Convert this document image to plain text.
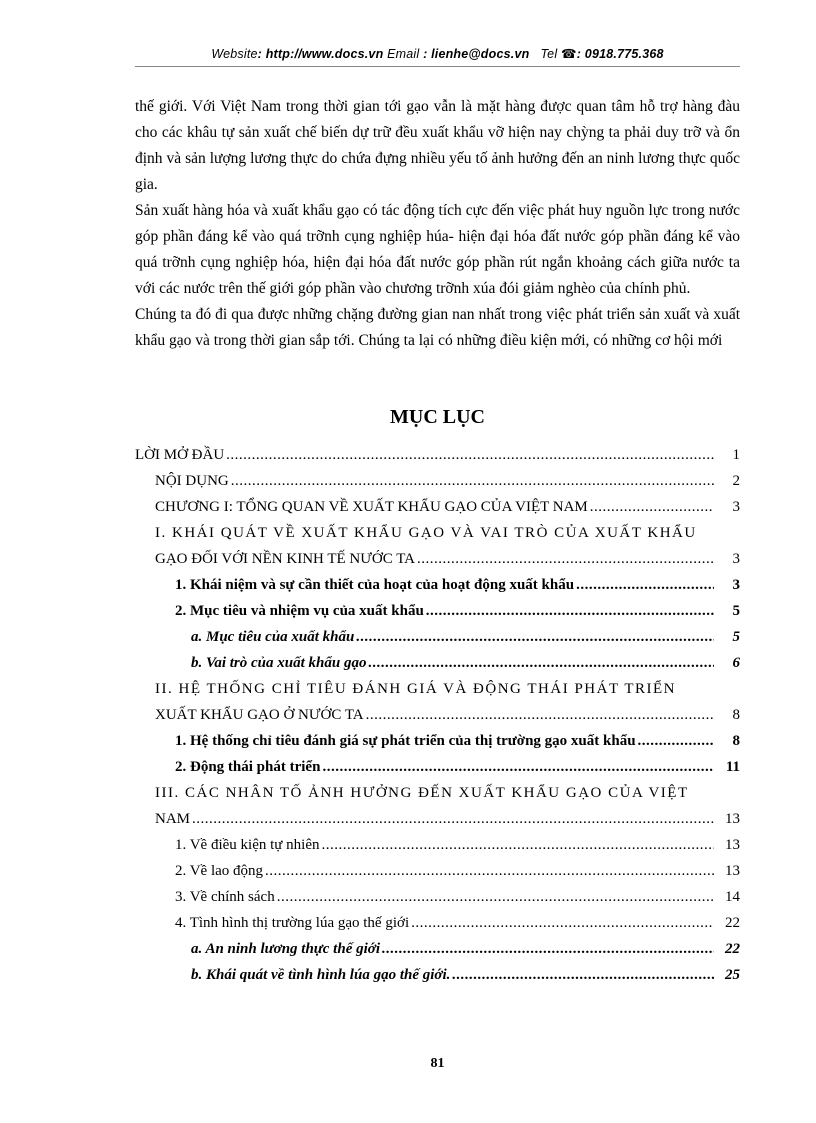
Website: http://www.docs.vn Email : lienhe@docs.vn Tel ☎: 0918.775.368

thế giới. Với Việt Nam trong thời gian tới gạo vẫn là mặt hàng được quan tâm hỗ trợ hàng đàu cho các khâu tự sản xuất chế biến dự trữ đều xuất khẩu vỡ hiện nay chỳng ta phải duy trỡ và ổn định và sản lượng lương thực do chứa đựng nhiều yếu tố ảnh hưởng đến an ninh lương thực quốc gia.

Sản xuất hàng hóa và xuất khẩu gạo có tác động tích cực đến việc phát huy nguồn lực trong nước góp phần đáng kể vào quá trỡnh cụng nghiệp húa- hiện đại hóa đất nước góp phần đáng kể vào quá trỡnh cụng nghiệp hóa, hiện đại hóa đất nước góp phần rút ngắn khoảng cách giữa nước ta với các nước trên thế giới góp phần vào chương trỡnh xúa đói giảm nghèo của chính phủ.

Chúng ta đó đi qua được những chặng đường gian nan nhất trong việc phát triển sản xuất và xuất khẩu gạo và trong thời gian sắp tới. Chúng ta lại có những điều kiện mới, có những cơ hội mới

MỤC LỤC
LỜI MỞ ĐẦU .....	1
NỘI DỤNG .....	2
CHƯƠNG I: TỔNG QUAN VỀ XUẤT KHẨU GẠO CỦA VIỆT NAM .....	3
I. KHÁI QUÁT VỀ XUẤT KHẨU GẠO VÀ VAI TRÒ CỦA XUẤT KHẨU
GẠO ĐỐI VỚI NỀN KINH TẾ NƯỚC TA .....	3
1. Khái niệm và sự cần thiết của hoạt của hoạt động xuất khẩu .....	3
2. Mục tiêu và nhiệm vụ của xuất khẩu .....	5
a. Mục tiêu của xuất khẩu .....	5
b. Vai trò của xuất khẩu gạo .....	6
II. HỆ THỐNG CHỈ TIÊU ĐÁNH GIÁ VÀ ĐỘNG THÁI PHÁT TRIỂN
XUẤT KHẨU GẠO Ở NƯỚC TA .....	8
1. Hệ thống chỉ tiêu đánh giá sự phát triển của thị trường gạo xuất khẩu .....	8
2. Động thái phát triển .....	11
III. CÁC NHÂN TỐ ẢNH HƯỞNG ĐẾN XUẤT KHẨU GẠO CỦA VIỆT
NAM .....	13
1. Về điều kiện tự nhiên .....	13
2. Về lao động .....	13
3. Về chính sách .....	14
4. Tình hình thị trường lúa gạo thế giới .....	22
a. An ninh lương thực thế giới .....	22
b. Khái quát về tình hình lúa gạo thế giới. .....	25
81
